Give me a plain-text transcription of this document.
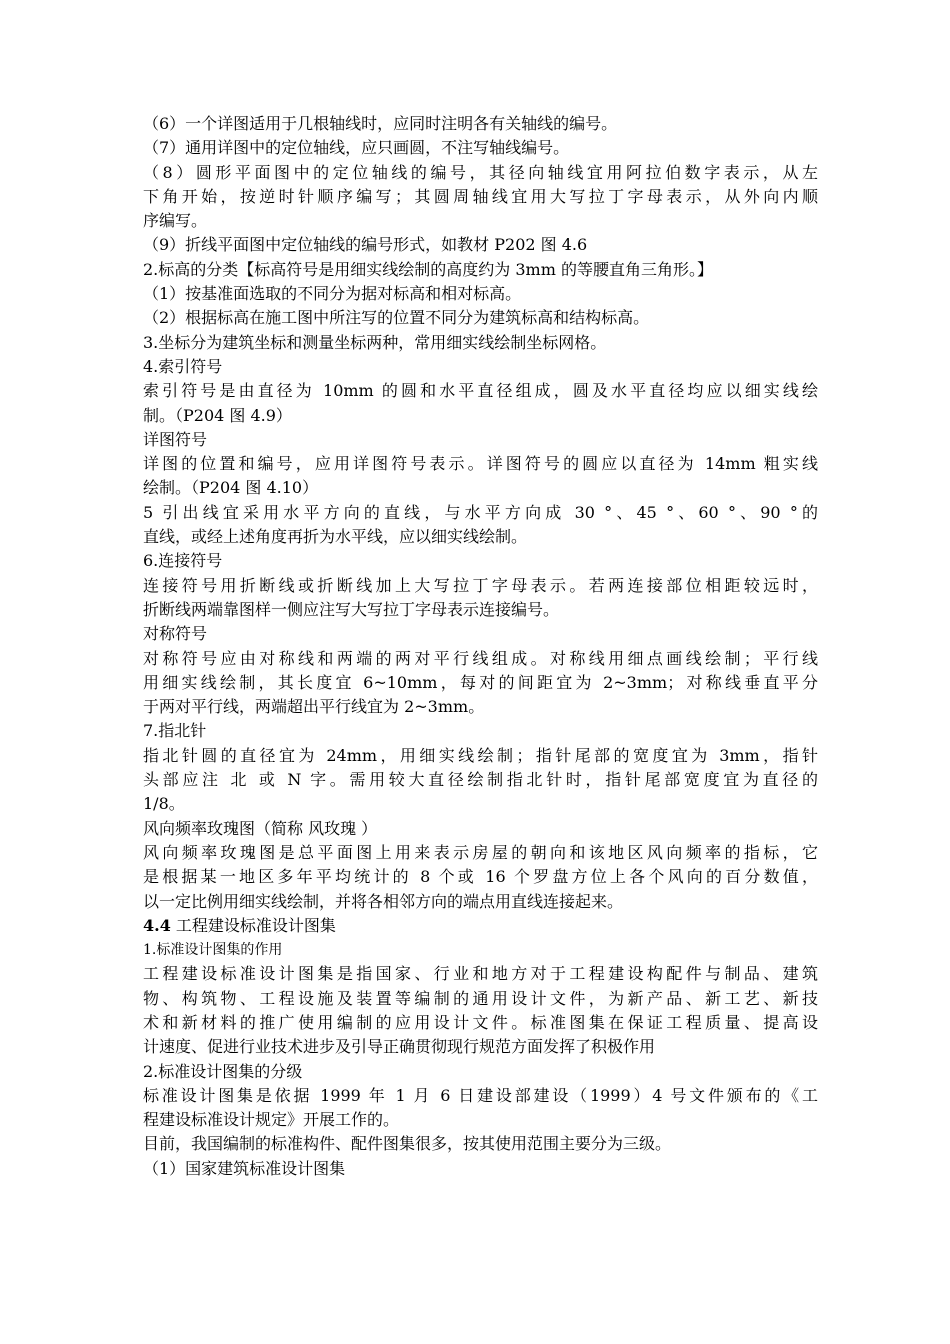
（6）一个详图适用于几根轴线时，应同时注明各有关轴线的编号。

（7）通用详图中的定位轴线，应只画圆，不注写轴线编号。

（8）圆形平面图中的定位轴线的编号，其径向轴线宜用阿拉伯数字表示，从左

下角开始，按逆时针顺序编写；其圆周轴线宜用大写拉丁字母表示，从外向内顺

序编写。

（9）折线平面图中定位轴线的编号形式，如教材 P202 图 4.6

2.标高的分类【标高符号是用细实线绘制的高度约为 3mm 的等腰直角三角形。】

（1）按基准面选取的不同分为据对标高和相对标高。

（2）根据标高在施工图中所注写的位置不同分为建筑标高和结构标高。

3.坐标分为建筑坐标和测量坐标两种，常用细实线绘制坐标网格。

4.索引符号

索引符号是由直径为 10mm 的圆和水平直径组成，圆及水平直径均应以细实线绘

制。（P204 图 4.9）

详图符号

详图的位置和编号，应用详图符号表示。详图符号的圆应以直径为 14mm 粗实线

绘制。（P204 图 4.10）

5 引出线宜采用水平方向的直线，与水平方向成 30 °、45 °、60 °、90 °的

直线，或经上述角度再折为水平线，应以细实线绘制。

6.连接符号

连接符号用折断线或折断线加上大写拉丁字母表示。若两连接部位相距较远时，

折断线两端靠图样一侧应注写大写拉丁字母表示连接编号。

对称符号

对称符号应由对称线和两端的两对平行线组成。对称线用细点画线绘制；平行线

用细实线绘制，其长度宜 6~10mm，每对的间距宜为 2~3mm；对称线垂直平分

于两对平行线，两端超出平行线宜为 2~3mm。

7.指北针

指北针圆的直径宜为 24mm，用细实线绘制；指针尾部的宽度宜为 3mm，指针

头部应注 北 或 N 字。需用较大直径绘制指北针时，指针尾部宽度宜为直径的

1/8。

风向频率玫瑰图（简称 风玫瑰 ）

风向频率玫瑰图是总平面图上用来表示房屋的朝向和该地区风向频率的指标，它

是根据某一地区多年平均统计的 8 个或 16 个罗盘方位上各个风向的百分数值，

以一定比例用细实线绘制，并将各相邻方向的端点用直线连接起来。

4.4 工程建设标准设计图集

1.标准设计图集的作用

工程建设标准设计图集是指国家、行业和地方对于工程建设构配件与制品、建筑

物、构筑物、工程设施及装置等编制的通用设计文件，为新产品、新工艺、新技

术和新材料的推广使用编制的应用设计文件。标准图集在保证工程质量、提高设

计速度、促进行业技术进步及引导正确贯彻现行规范方面发挥了积极作用

2.标准设计图集的分级

标准设计图集是依据 1999 年 1 月 6 日建设部建设（1999）4 号文件颁布的《工

程建设标准设计规定》开展工作的。

目前，我国编制的标准构件、配件图集很多，按其使用范围主要分为三级。

（1）国家建筑标准设计图集
